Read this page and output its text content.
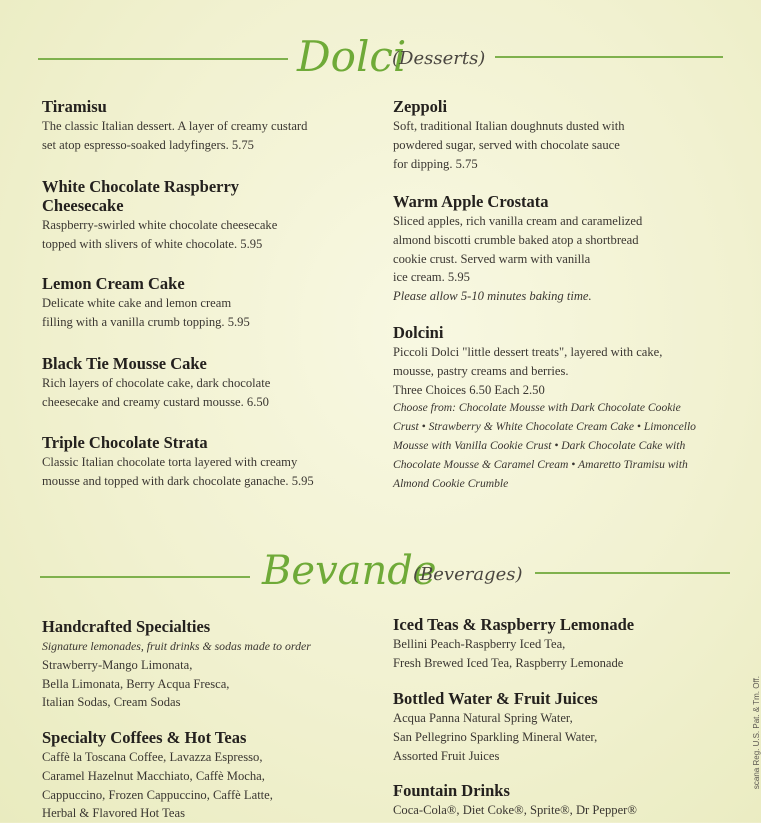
Dolci
(Desserts)

Tiramisu

The classic Italian dessert. A layer of creamy custard
set atop espresso-soaked ladyfingers. 5.75

White Chocolate Raspberry
Cheesecake

Raspberry-swirled white chocolate cheesecake
topped with slivers of white chocolate. 5.95

Lemon Cream Cake

Delicate white cake and lemon cream
filling with a vanilla crumb topping. 5.95

Black Tie Mousse Cake

Rich layers of chocolate cake, dark chocolate
cheesecake and creamy custard mousse. 6.50

Triple Chocolate Strata

Classic Italian chocolate torta layered with creamy
mousse and topped with dark chocolate ganache. 5.95

Zeppoli

Soft, traditional Italian doughnuts dusted with
powdered sugar, served with chocolate sauce
for dipping. 5.75

Warm Apple Crostata

Sliced apples, rich vanilla cream and caramelized
almond biscotti crumble baked atop a shortbread
cookie crust. Served warm with vanilla
ice cream. 5.95
Please allow 5-10 minutes baking time.

Dolcini

Piccoli Dolci "little dessert treats", layered with cake,
mousse, pastry creams and berries.
Three Choices 6.50 Each 2.50

Choose from: Chocolate Mousse with Dark Chocolate Cookie
Crust • Strawberry & White Chocolate Cream Cake • Limoncello
Mousse with Vanilla Cookie Crust • Dark Chocolate Cake with
Chocolate Mousse & Caramel Cream • Amaretto Tiramisu with
Almond Cookie Crumble

Bevande
(Beverages)

Handcrafted Specialties

Signature lemonades, fruit drinks & sodas made to order
Strawberry-Mango Limonata,
Bella Limonata, Berry Acqua Fresca,
Italian Sodas, Cream Sodas

Specialty Coffees & Hot Teas

Caffè la Toscana Coffee, Lavazza Espresso,
Caramel Hazelnut Macchiato, Caffè Mocha,
Cappuccino, Frozen Cappuccino, Caffè Latte,
Herbal & Flavored Hot Teas

Iced Teas & Raspberry Lemonade

Bellini Peach-Raspberry Iced Tea,
Fresh Brewed Iced Tea, Raspberry Lemonade

Bottled Water & Fruit Juices

Acqua Panna Natural Spring Water,
San Pellegrino Sparkling Mineral Water,
Assorted Fruit Juices

Fountain Drinks

Coca-Cola®, Diet Coke®, Sprite®, Dr Pepper®

scana Reg. U.S. Pat. & Tm. Off.
